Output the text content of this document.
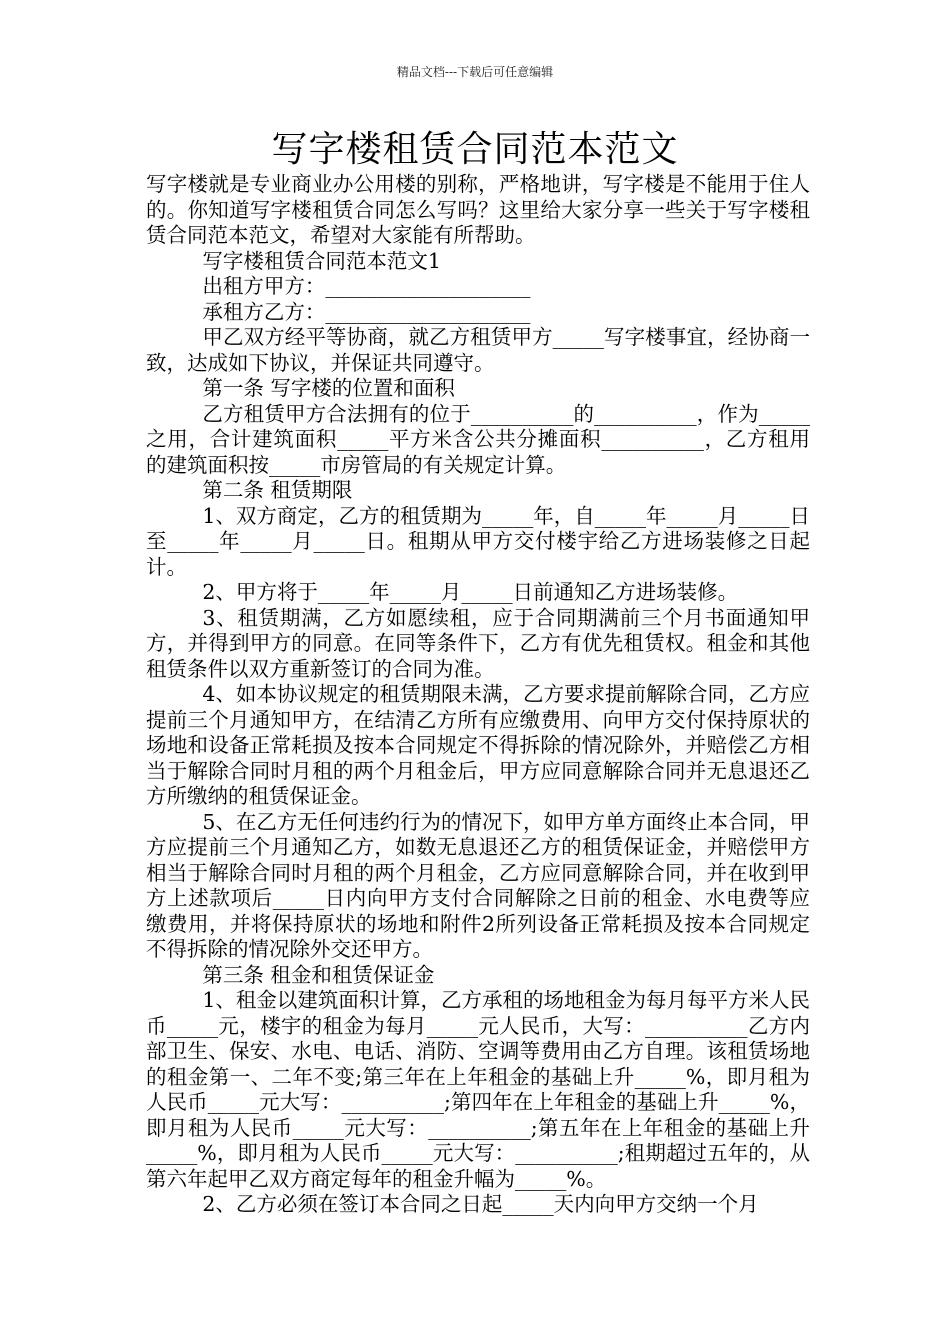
精品文档---下载后可任意编辑
写字楼租赁合同范本范文

写字楼就是专业商业办公用楼的别称，严格地讲，写字楼是不能用于住人的。你知道写字楼租赁合同怎么写吗？这里给大家分享一些关于写字楼租赁合同范本范文，希望对大家能有所帮助。

写字楼租赁合同范本范文1

出租方甲方：____________________

承租方乙方：____________________

甲乙双方经平等协商，就乙方租赁甲方_____写字楼事宜，经协商一致，达成如下协议，并保证共同遵守。

第一条 写字楼的位置和面积

乙方租赁甲方合法拥有的位于__________的__________，作为_____之用，合计建筑面积_____平方米含公共分摊面积__________，乙方租用的建筑面积按_____市房管局的有关规定计算。

第二条 租赁期限

1、双方商定，乙方的租赁期为_____年，自_____年_____月_____日至_____年_____月_____日。租期从甲方交付楼宇给乙方进场装修之日起计。

2、甲方将于_____年_____月_____日前通知乙方进场装修。

3、租赁期满，乙方如愿续租，应于合同期满前三个月书面通知甲方，并得到甲方的同意。在同等条件下，乙方有优先租赁权。租金和其他租赁条件以双方重新签订的合同为准。

4、如本协议规定的租赁期限未满，乙方要求提前解除合同，乙方应提前三个月通知甲方，在结清乙方所有应缴费用、向甲方交付保持原状的场地和设备正常耗损及按本合同规定不得拆除的情况除外，并赔偿乙方相当于解除合同时月租的两个月租金后，甲方应同意解除合同并无息退还乙方所缴纳的租赁保证金。

5、在乙方无任何违约行为的情况下，如甲方单方面终止本合同，甲方应提前三个月通知乙方，如数无息退还乙方的租赁保证金，并赔偿甲方相当于解除合同时月租的两个月租金，乙方应同意解除合同，并在收到甲方上述款项后_____日内向甲方支付合同解除之日前的租金、水电费等应缴费用，并将保持原状的场地和附件2所列设备正常耗损及按本合同规定不得拆除的情况除外交还甲方。

第三条 租金和租赁保证金

1、租金以建筑面积计算，乙方承租的场地租金为每月每平方米人民币_____元，楼宇的租金为每月_____元人民币，大写：__________乙方内部卫生、保安、水电、电话、消防、空调等费用由乙方自理。该租赁场地的租金第一、二年不变;第三年在上年租金的基础上升_____%，即月租为人民币_____元大写：__________;第四年在上年租金的基础上升_____%，即月租为人民币_____元大写：__________;第五年在上年租金的基础上升_____%，即月租为人民币_____元大写：__________;租期超过五年的，从第六年起甲乙双方商定每年的租金升幅为_____%。

2、乙方必须在签订本合同之日起_____天内向甲方交纳一个月
